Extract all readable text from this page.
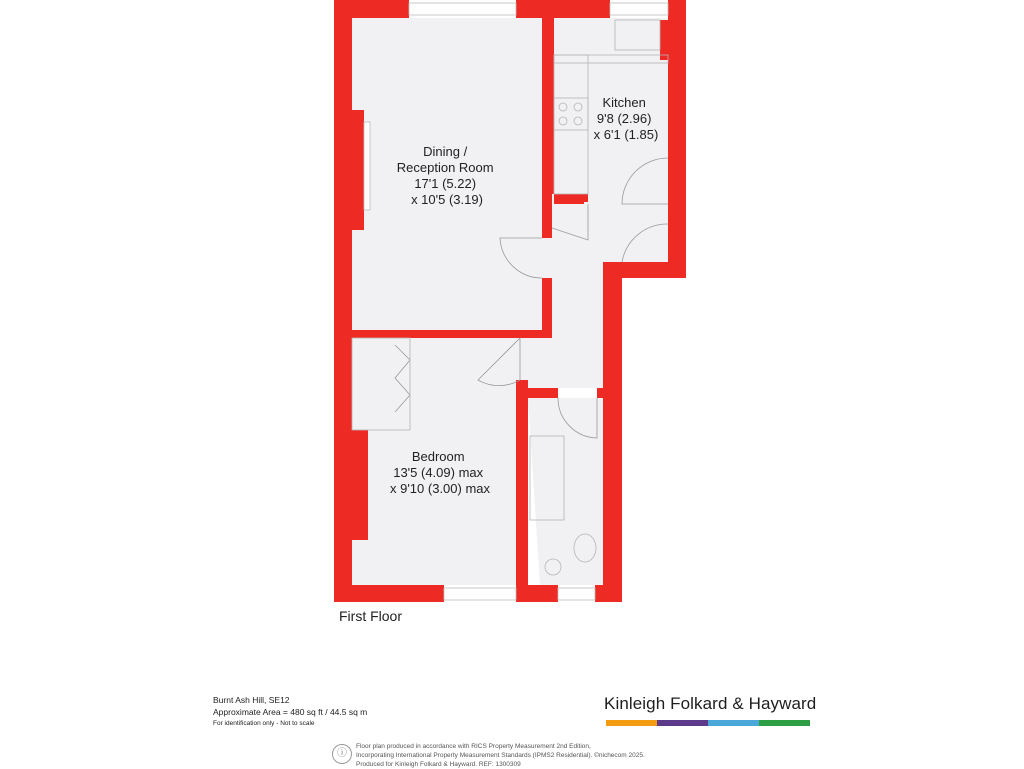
Dining / Reception Room 17'1 (5.22) x 10'5 (3.19)
Kitchen 9'8 (2.96) x 6'1 (1.85)
Bedroom 13'5 (4.09) max x 9'10 (3.00) max
First Floor
Burnt Ash Hill, SE12
Approximate Area = 480 sq ft / 44.5 sq m
For identification only - Not to scale
Kinleigh Folkard & Hayward
ⓘ
Floor plan produced in accordance with RICS Property Measurement 2nd Edition,
Incorporating International Property Measurement Standards (IPMS2 Residential). ©nichecom 2025.
Produced for Kinleigh Folkard & Hayward. REF: 1300309
